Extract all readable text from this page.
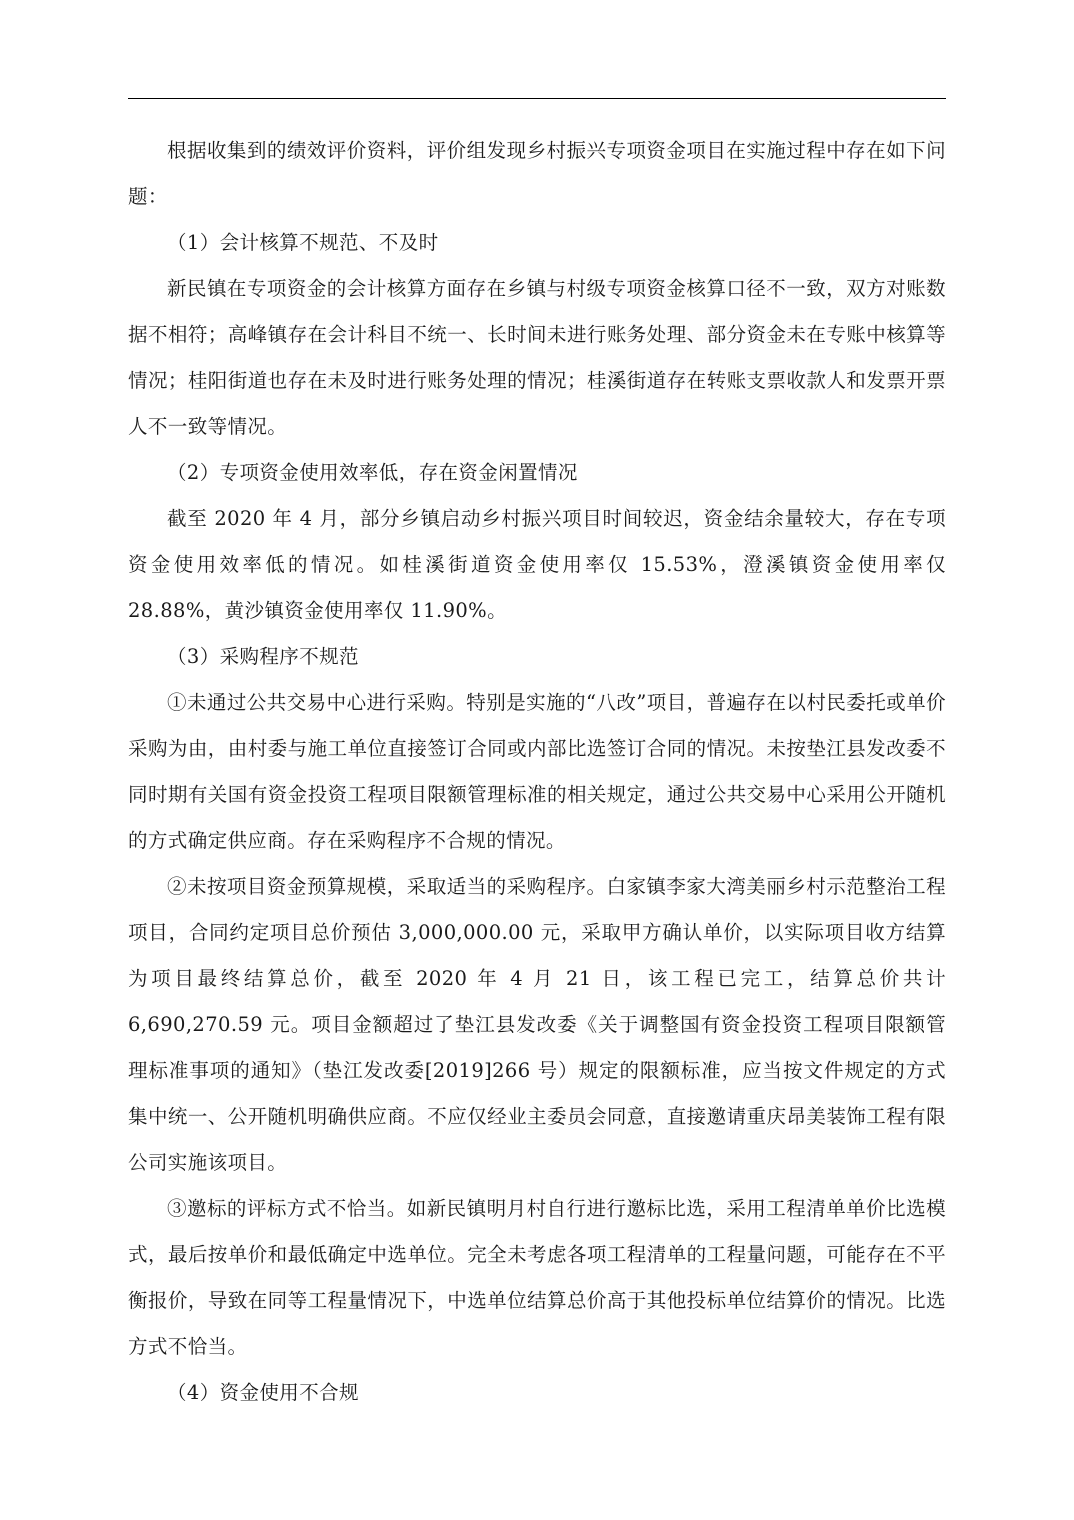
根据收集到的绩效评价资料，评价组发现乡村振兴专项资金项目在实施过程中存在如下问题：

（1）会计核算不规范、不及时

新民镇在专项资金的会计核算方面存在乡镇与村级专项资金核算口径不一致，双方对账数据不相符；高峰镇存在会计科目不统一、长时间未进行账务处理、部分资金未在专账中核算等情况；桂阳街道也存在未及时进行账务处理的情况；桂溪街道存在转账支票收款人和发票开票人不一致等情况。

（2）专项资金使用效率低，存在资金闲置情况

截至 2020 年 4 月，部分乡镇启动乡村振兴项目时间较迟，资金结余量较大，存在专项资金使用效率低的情况。如桂溪街道资金使用率仅 15.53%，澄溪镇资金使用率仅 28.88%，黄沙镇资金使用率仅 11.90%。

（3）采购程序不规范

①未通过公共交易中心进行采购。特别是实施的“八改”项目，普遍存在以村民委托或单价采购为由，由村委与施工单位直接签订合同或内部比选签订合同的情况。未按垫江县发改委不同时期有关国有资金投资工程项目限额管理标准的相关规定，通过公共交易中心采用公开随机的方式确定供应商。存在采购程序不合规的情况。

②未按项目资金预算规模，采取适当的采购程序。白家镇李家大湾美丽乡村示范整治工程项目，合同约定项目总价预估 3,000,000.00 元，采取甲方确认单价，以实际项目收方结算为项目最终结算总价，截至 2020 年 4 月 21 日，该工程已完工，结算总价共计 6,690,270.59 元。项目金额超过了垫江县发改委《关于调整国有资金投资工程项目限额管理标准事项的通知》（垫江发改委[2019]266 号）规定的限额标准，应当按文件规定的方式集中统一、公开随机明确供应商。不应仅经业主委员会同意，直接邀请重庆昂美装饰工程有限公司实施该项目。

③邀标的评标方式不恰当。如新民镇明月村自行进行邀标比选，采用工程清单单价比选模式，最后按单价和最低确定中选单位。完全未考虑各项工程清单的工程量问题，可能存在不平衡报价，导致在同等工程量情况下，中选单位结算总价高于其他投标单位结算价的情况。比选方式不恰当。

（4）资金使用不合规
